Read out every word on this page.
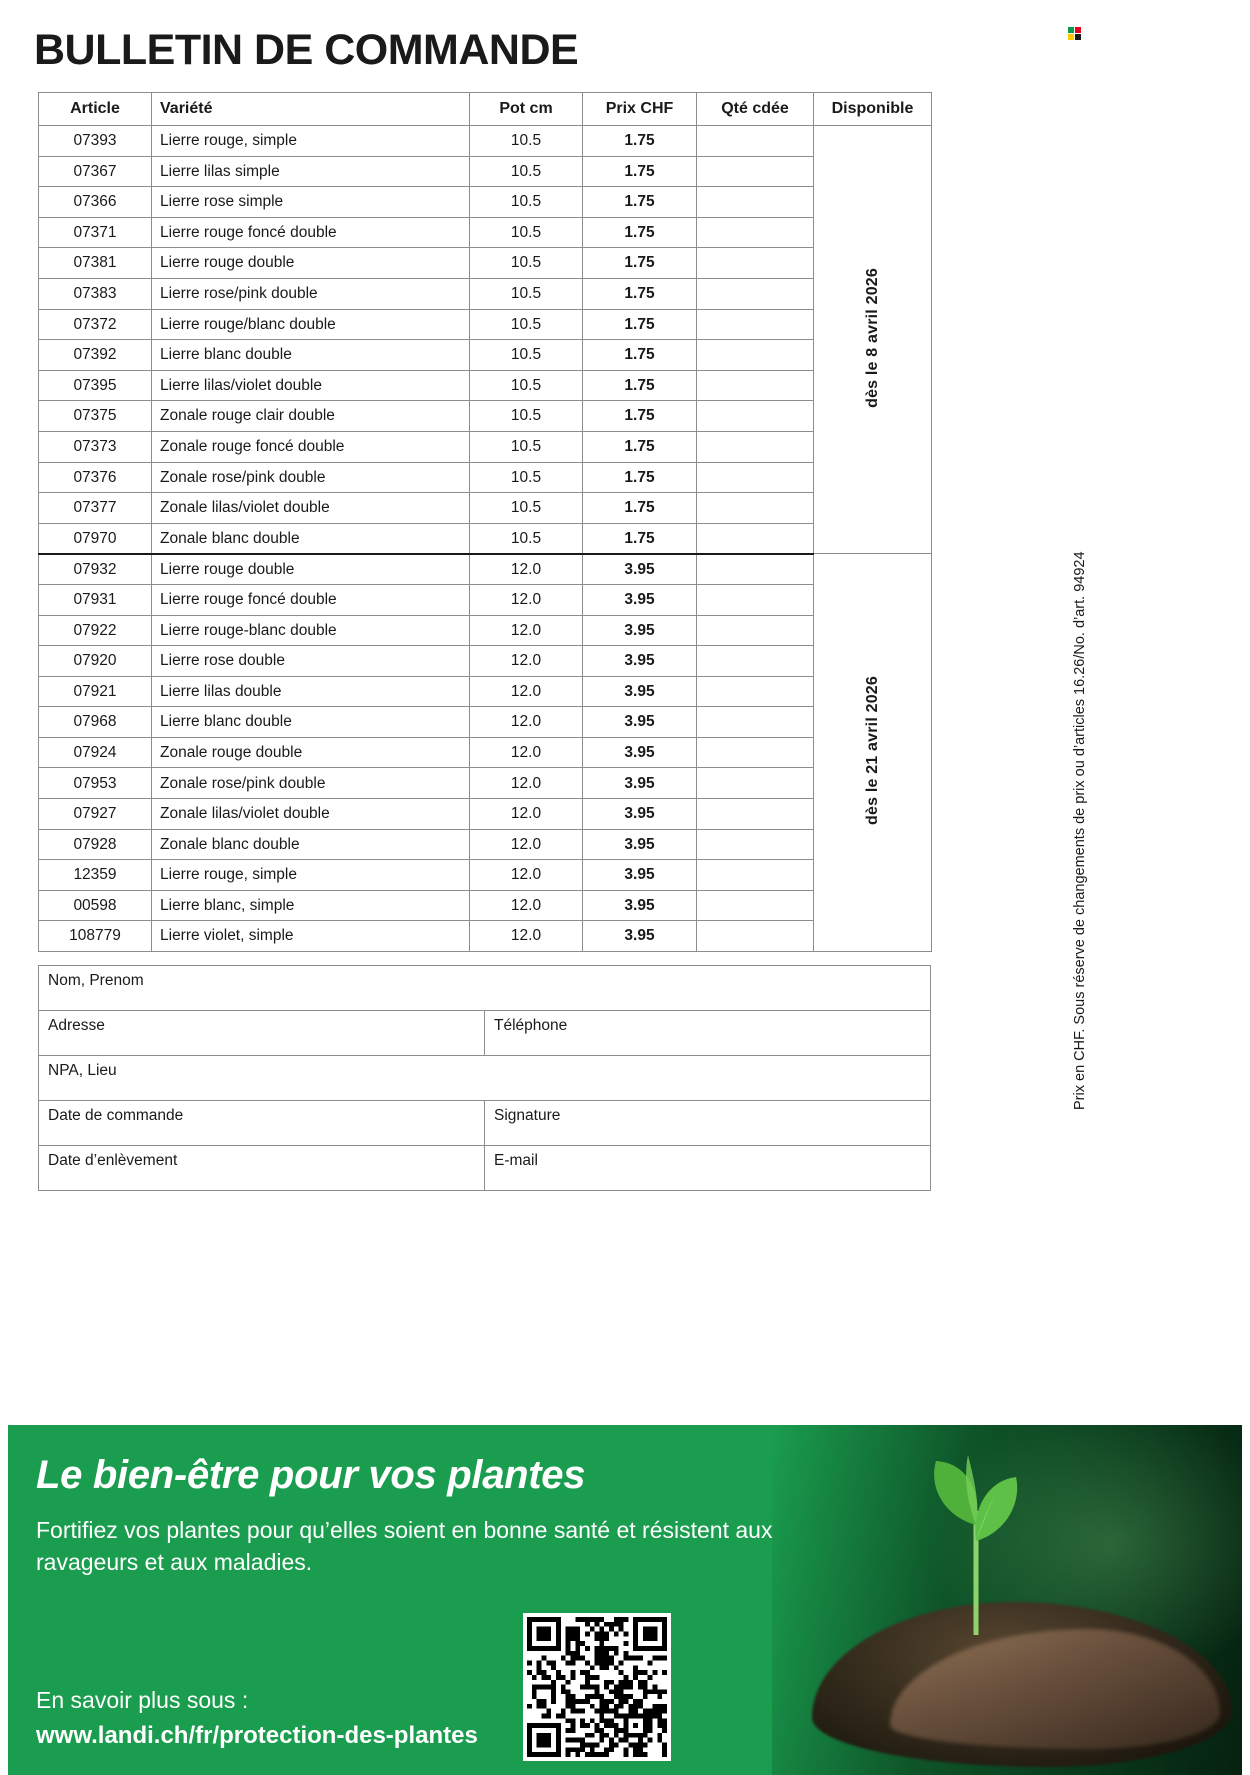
BULLETIN DE COMMANDE
Article	Variété	Pot cm	Prix CHF	Qté cdée	Disponible
07393	Lierre rouge, simple	10.5	1.75		dès le 8 avril 2026
07367	Lierre lilas simple	10.5	1.75		
07366	Lierre rose simple	10.5	1.75		
07371	Lierre rouge foncé double	10.5	1.75		
07381	Lierre rouge double	10.5	1.75		
07383	Lierre rose/pink double	10.5	1.75		
07372	Lierre rouge/blanc double	10.5	1.75		
07392	Lierre blanc double	10.5	1.75		
07395	Lierre lilas/violet double	10.5	1.75		
07375	Zonale rouge clair double	10.5	1.75		
07373	Zonale rouge foncé double	10.5	1.75		
07376	Zonale rose/pink double	10.5	1.75		
07377	Zonale lilas/violet double	10.5	1.75		
07970	Zonale blanc double	10.5	1.75		
07932	Lierre rouge double	12.0	3.95		dès le 21 avril 2026
07931	Lierre rouge foncé double	12.0	3.95		
07922	Lierre rouge-blanc double	12.0	3.95		
07920	Lierre rose double	12.0	3.95		
07921	Lierre lilas double	12.0	3.95		
07968	Lierre blanc double	12.0	3.95		
07924	Zonale rouge double	12.0	3.95		
07953	Zonale rose/pink double	12.0	3.95		
07927	Zonale lilas/violet double	12.0	3.95		
07928	Zonale blanc double	12.0	3.95		
12359	Lierre rouge, simple	12.0	3.95		
00598	Lierre blanc, simple	12.0	3.95		
108779	Lierre violet, simple	12.0	3.95		
Nom, Prenom	
Adresse	Téléphone
NPA, Lieu	
Date de commande	Signature
Date d’enlèvement	E-mail
Prix en CHF. Sous réserve de changements de prix ou d’articles 16.26/No. d’art. 94924
Le bien-être pour vos plantes
Fortifiez vos plantes pour qu’elles soient en bonne santé et résistent aux ravageurs et aux maladies.
En savoir plus sous :
www.landi.ch/fr/protection-des-plantes
